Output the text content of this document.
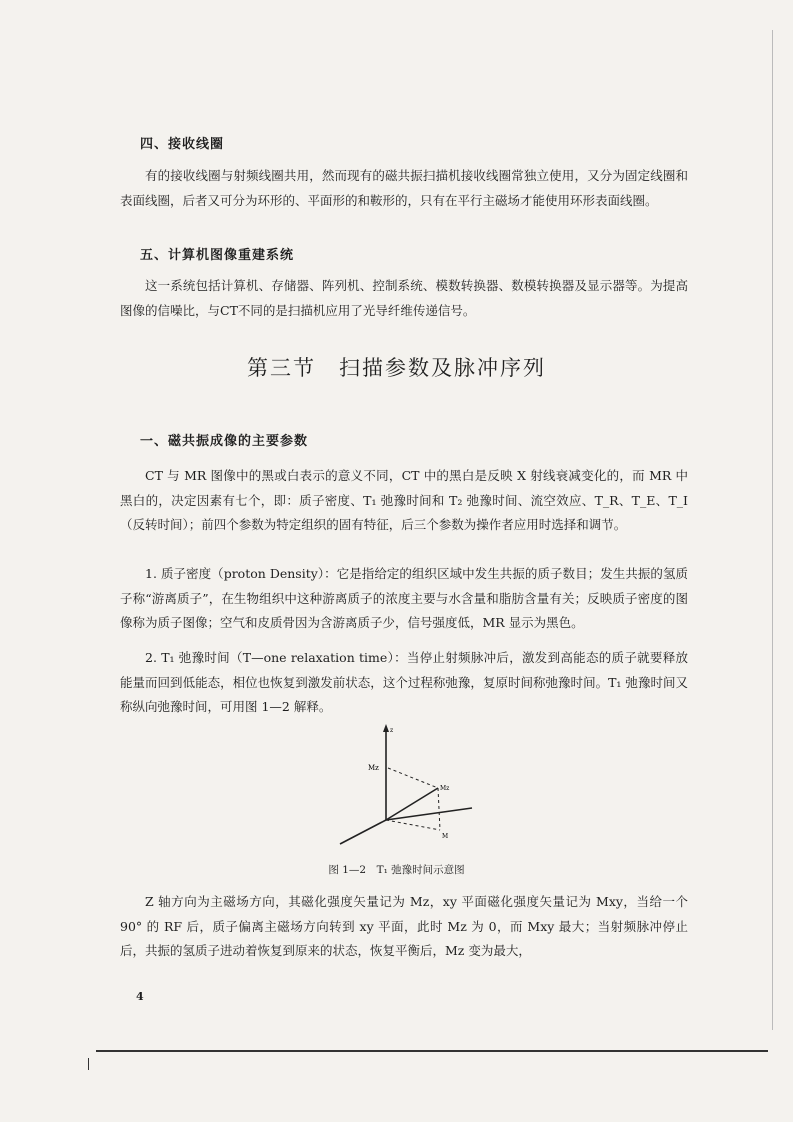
四、接收线圈

有的接收线圈与射频线圈共用，然而现有的磁共振扫描机接收线圈常独立使用，又分为固定线圈和表面线圈，后者又可分为环形的、平面形的和鞍形的，只有在平行主磁场才能使用环形表面线圈。

五、计算机图像重建系统

这一系统包括计算机、存储器、阵列机、控制系统、模数转换器、数模转换器及显示器等。为提高图像的信噪比，与CT不同的是扫描机应用了光导纤维传递信号。

第三节　扫描参数及脉冲序列
一、磁共振成像的主要参数

CT 与 MR 图像中的黑或白表示的意义不同，CT 中的黑白是反映 X 射线衰减变化的，而 MR 中黑白的，决定因素有七个，即：质子密度、T₁ 弛豫时间和 T₂ 弛豫时间、流空效应、T_R、T_E、T_I（反转时间）；前四个参数为特定组织的固有特征，后三个参数为操作者应用时选择和调节。

1. 质子密度（proton Density）：它是指给定的组织区域中发生共振的质子数目；发生共振的氢质子称“游离质子”，在生物组织中这种游离质子的浓度主要与水含量和脂肪含量有关；反映质子密度的图像称为质子图像；空气和皮质骨因为含游离质子少，信号强度低，MR 显示为黑色。

2. T₁ 弛豫时间（T—one relaxation time）：当停止射频脉冲后，激发到高能态的质子就要释放能量而回到低能态，相位也恢复到激发前状态，这个过程称弛豫，复原时间称弛豫时间。T₁ 弛豫时间又称纵向弛豫时间，可用图 1—2 解释。

z
Mz
Mz
M

图 1—2　T₁ 弛豫时间示意图

Z 轴方向为主磁场方向，其磁化强度矢量记为 Mz，xy 平面磁化强度矢量记为 Mxy，当给一个 90° 的 RF 后，质子偏离主磁场方向转到 xy 平面，此时 Mz 为 0，而 Mxy 最大；当射频脉冲停止后，共振的氢质子进动着恢复到原来的状态，恢复平衡后，Mz 变为最大，

4
